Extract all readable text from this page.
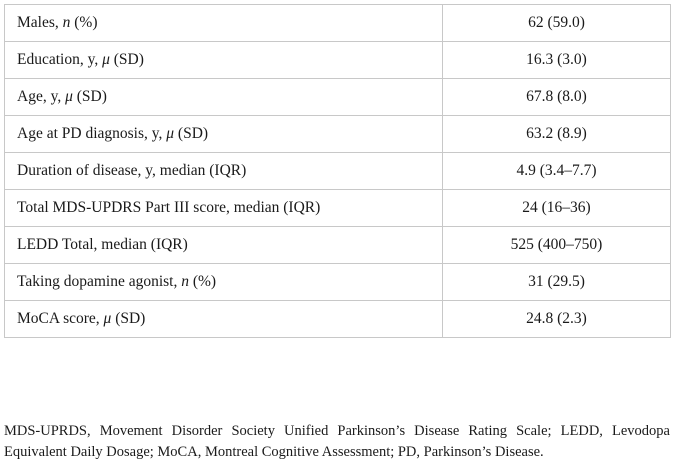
Males, n (%)	62 (59.0)
Education, y, μ (SD)	16.3 (3.0)
Age, y, μ (SD)	67.8 (8.0)
Age at PD diagnosis, y, μ (SD)	63.2 (8.9)
Duration of disease, y, median (IQR)	4.9 (3.4–7.7)
Total MDS-UPDRS Part III score, median (IQR)	24 (16–36)
LEDD Total, median (IQR)	525 (400–750)
Taking dopamine agonist, n (%)	31 (29.5)
MoCA score, μ (SD)	24.8 (2.3)

MDS-UPRDS, Movement Disorder Society Unified Parkinson’s Disease Rating Scale; LEDD, Levodopa Equivalent Daily Dosage; MoCA, Montreal Cognitive Assessment; PD, Parkinson’s Disease.
